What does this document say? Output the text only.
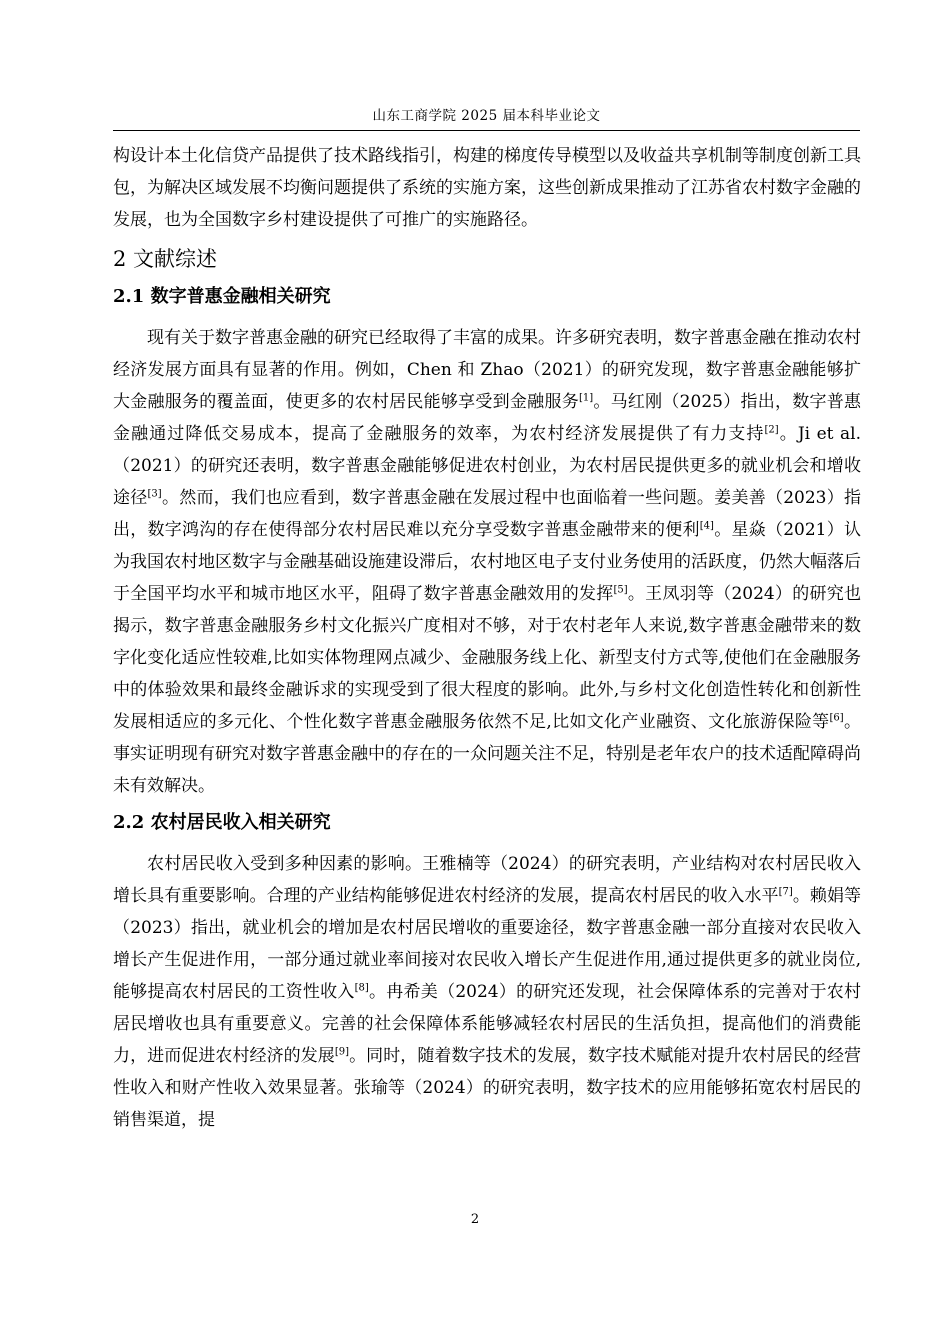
山东工商学院 2025 届本科毕业论文

构设计本土化信贷产品提供了技术路线指引，构建的梯度传导模型以及收益共享机制等制度创新工具包，为解决区域发展不均衡问题提供了系统的实施方案，这些创新成果推动了江苏省农村数字金融的发展，也为全国数字乡村建设提供了可推广的实施路径。

2 文献综述
2.1 数字普惠金融相关研究

现有关于数字普惠金融的研究已经取得了丰富的成果。许多研究表明，数字普惠金融在推动农村经济发展方面具有显著的作用。例如，Chen 和 Zhao（2021）的研究发现，数字普惠金融能够扩大金融服务的覆盖面，使更多的农村居民能够享受到金融服务[1]。马红刚（2025）指出，数字普惠金融通过降低交易成本，提高了金融服务的效率，为农村经济发展提供了有力支持[2]。Ji et al.（2021）的研究还表明，数字普惠金融能够促进农村创业，为农村居民提供更多的就业机会和增收途径[3]。然而，我们也应看到，数字普惠金融在发展过程中也面临着一些问题。姜美善（2023）指出，数字鸿沟的存在使得部分农村居民难以充分享受数字普惠金融带来的便利[4]。星焱（2021）认为我国农村地区数字与金融基础设施建设滞后，农村地区电子支付业务使用的活跃度，仍然大幅落后于全国平均水平和城市地区水平，阻碍了数字普惠金融效用的发挥[5]。王凤羽等（2024）的研究也揭示，数字普惠金融服务乡村文化振兴广度相对不够，对于农村老年人来说,数字普惠金融带来的数字化变化适应性较难,比如实体物理网点减少、金融服务线上化、新型支付方式等,使他们在金融服务中的体验效果和最终金融诉求的实现受到了很大程度的影响。此外,与乡村文化创造性转化和创新性发展相适应的多元化、个性化数字普惠金融服务依然不足,比如文化产业融资、文化旅游保险等[6]。事实证明现有研究对数字普惠金融中的存在的一众问题关注不足，特别是老年农户的技术适配障碍尚未有效解决。

2.2 农村居民收入相关研究

农村居民收入受到多种因素的影响。王雅楠等（2024）的研究表明，产业结构对农村居民收入增长具有重要影响。合理的产业结构能够促进农村经济的发展，提高农村居民的收入水平[7]。赖娟等（2023）指出，就业机会的增加是农村居民增收的重要途径，数字普惠金融一部分直接对农民收入增长产生促进作用，一部分通过就业率间接对农民收入增长产生促进作用,通过提供更多的就业岗位,能够提高农村居民的工资性收入[8]。冉希美（2024）的研究还发现，社会保障体系的完善对于农村居民增收也具有重要意义。完善的社会保障体系能够减轻农村居民的生活负担，提高他们的消费能力，进而促进农村经济的发展[9]。同时，随着数字技术的发展，数字技术赋能对提升农村居民的经营性收入和财产性收入效果显著。张瑜等（2024）的研究表明，数字技术的应用能够拓宽农村居民的销售渠道，提

2
